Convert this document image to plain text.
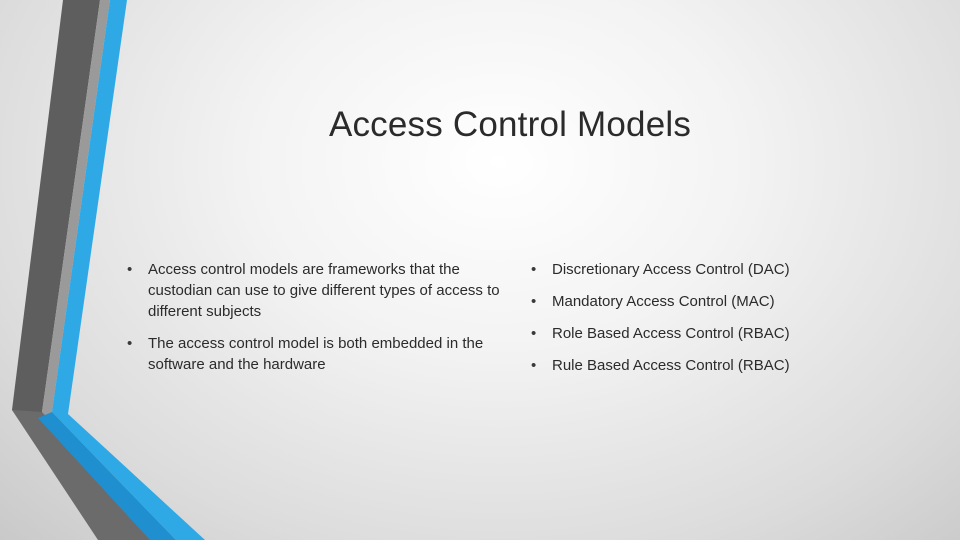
Access Control Models
• Access control models are frameworks that the custodian can use to give different types of access to different subjects
• The access control model is both embedded in the software and the hardware
• Discretionary Access Control (DAC)
• Mandatory Access Control (MAC)
• Role Based Access Control (RBAC)
• Rule Based Access Control (RBAC)
